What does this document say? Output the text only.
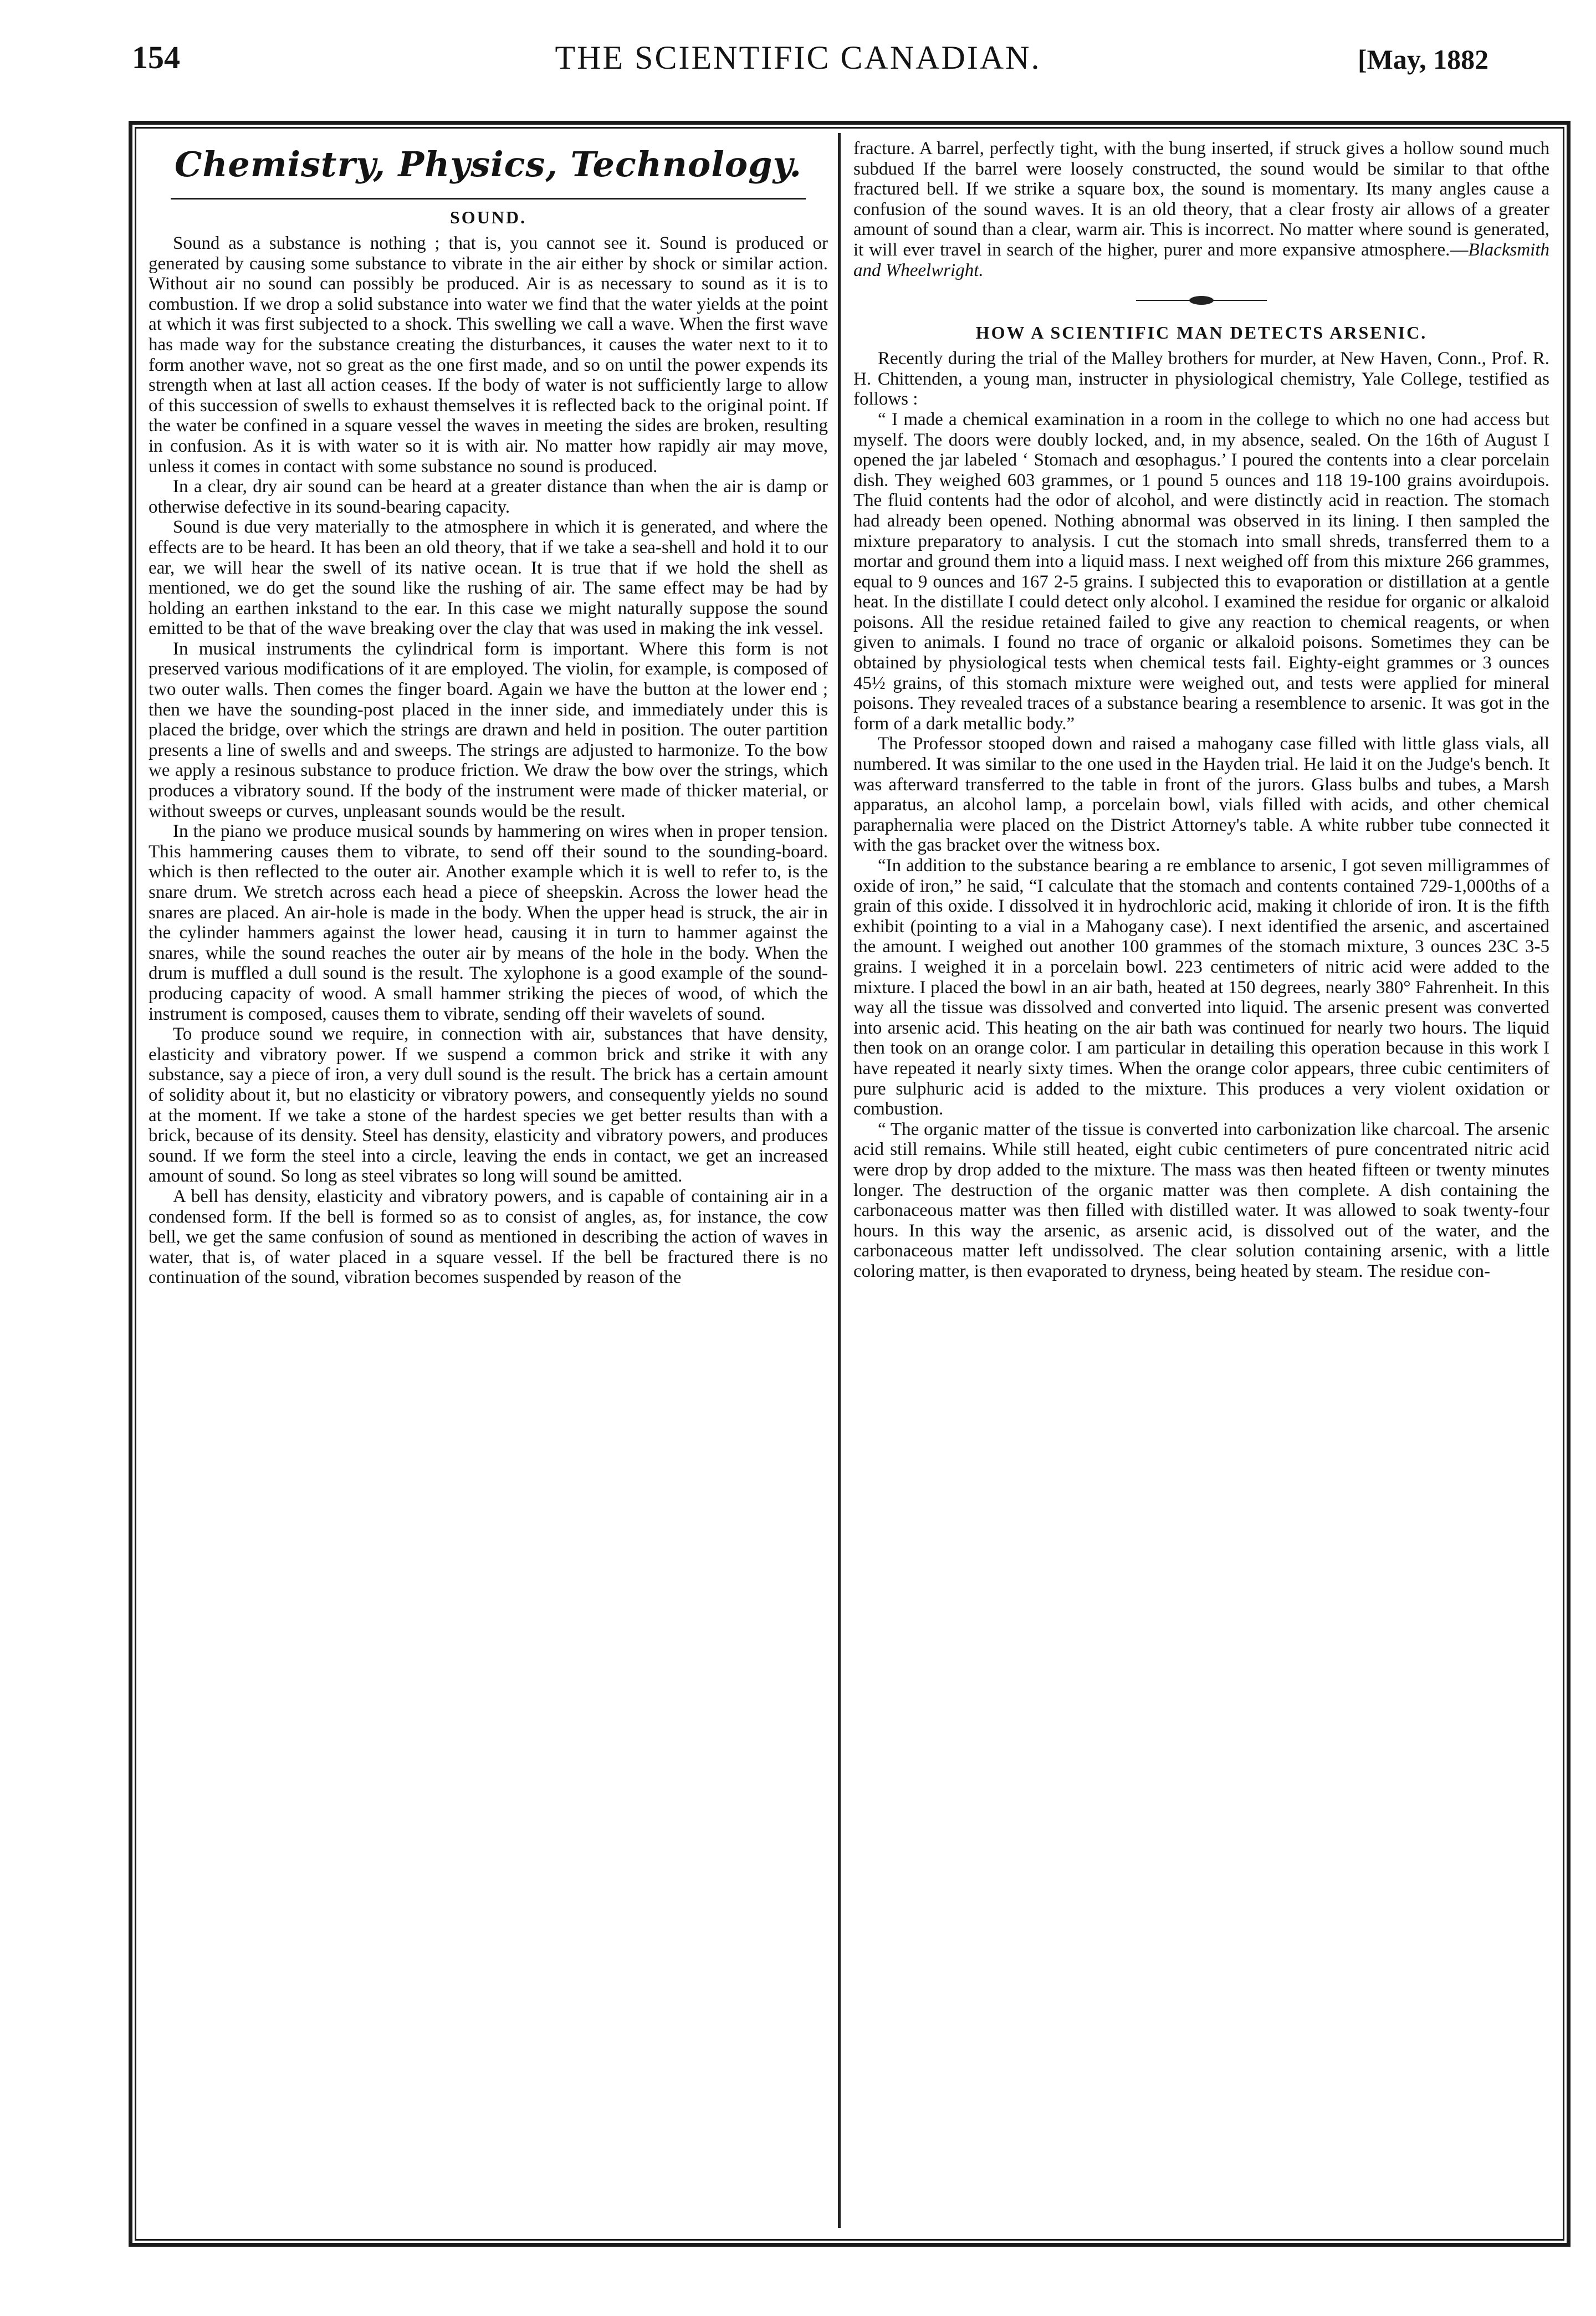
154	THE SCIENTIFIC CANADIAN.	[May, 1882
Chemistry, Physics, Technology.
SOUND.

Sound as a substance is nothing ; that is, you cannot see it. Sound is produced or generated by causing some substance to vibrate in the air either by shock or similar action. Without air no sound can possibly be produced. Air is as necessary to sound as it is to combustion. If we drop a solid substance into water we find that the water yields at the point at which it was first subjected to a shock. This swelling we call a wave. When the first wave has made way for the substance creating the disturbances, it causes the water next to it to form another wave, not so great as the one first made, and so on until the power expends its strength when at last all action ceases. If the body of water is not sufficiently large to allow of this succession of swells to exhaust themselves it is reflected back to the original point. If the water be confined in a square vessel the waves in meeting the sides are broken, resulting in confusion. As it is with water so it is with air. No matter how rapidly air may move, unless it comes in contact with some substance no sound is produced.

In a clear, dry air sound can be heard at a greater distance than when the air is damp or otherwise defective in its sound-bearing capacity.

Sound is due very materially to the atmosphere in which it is generated, and where the effects are to be heard. It has been an old theory, that if we take a sea-shell and hold it to our ear, we will hear the swell of its native ocean. It is true that if we hold the shell as mentioned, we do get the sound like the rushing of air. The same effect may be had by holding an earthen inkstand to the ear. In this case we might naturally suppose the sound emitted to be that of the wave breaking over the clay that was used in making the ink vessel.

In musical instruments the cylindrical form is important. Where this form is not preserved various modifications of it are employed. The violin, for example, is composed of two outer walls. Then comes the finger board. Again we have the button at the lower end ; then we have the sounding-post placed in the inner side, and immediately under this is placed the bridge, over which the strings are drawn and held in position. The outer partition presents a line of swells and and sweeps. The strings are adjusted to harmonize. To the bow we apply a resinous substance to produce friction. We draw the bow over the strings, which produces a vibratory sound. If the body of the instrument were made of thicker material, or without sweeps or curves, unpleasant sounds would be the result.

In the piano we produce musical sounds by hammering on wires when in proper tension. This hammering causes them to vibrate, to send off their sound to the sounding-board. which is then reflected to the outer air. Another example which it is well to refer to, is the snare drum. We stretch across each head a piece of sheepskin. Across the lower head the snares are placed. An air-hole is made in the body. When the upper head is struck, the air in the cylinder hammers against the lower head, causing it in turn to hammer against the snares, while the sound reaches the outer air by means of the hole in the body. When the drum is muffled a dull sound is the result. The xylophone is a good example of the sound-producing capacity of wood. A small hammer striking the pieces of wood, of which the instrument is composed, causes them to vibrate, sending off their wavelets of sound.

To produce sound we require, in connection with air, substances that have density, elasticity and vibratory power. If we suspend a common brick and strike it with any substance, say a piece of iron, a very dull sound is the result. The brick has a certain amount of solidity about it, but no elasticity or vibratory powers, and consequently yields no sound at the moment. If we take a stone of the hardest species we get better results than with a brick, because of its density. Steel has density, elasticity and vibratory powers, and produces sound. If we form the steel into a circle, leaving the ends in contact, we get an increased amount of sound. So long as steel vibrates so long will sound be amitted.

A bell has density, elasticity and vibratory powers, and is capable of containing air in a condensed form. If the bell is formed so as to consist of angles, as, for instance, the cow bell, we get the same confusion of sound as mentioned in describing the action of waves in water, that is, of water placed in a square vessel. If the bell be fractured there is no continuation of the sound, vibration becomes suspended by reason of the

fracture. A barrel, perfectly tight, with the bung inserted, if struck gives a hollow sound much subdued If the barrel were loosely constructed, the sound would be similar to that ofthe fractured bell. If we strike a square box, the sound is momentary. Its many angles cause a confusion of the sound waves. It is an old theory, that a clear frosty air allows of a greater amount of sound than a clear, warm air. This is incorrect. No matter where sound is generated, it will ever travel in search of the higher, purer and more expansive atmosphere.—Blacksmith and Wheelwright.

HOW A SCIENTIFIC MAN DETECTS ARSENIC.

Recently during the trial of the Malley brothers for murder, at New Haven, Conn., Prof. R. H. Chittenden, a young man, instructer in physiological chemistry, Yale College, testified as follows :

“ I made a chemical examination in a room in the college to which no one had access but myself. The doors were doubly locked, and, in my absence, sealed. On the 16th of August I opened the jar labeled ‘ Stomach and œsophagus.’ I poured the contents into a clear porcelain dish. They weighed 603 grammes, or 1 pound 5 ounces and 118 19-100 grains avoirdupois. The fluid contents had the odor of alcohol, and were distinctly acid in reaction. The stomach had already been opened. Nothing abnormal was observed in its lining. I then sampled the mixture preparatory to analysis. I cut the stomach into small shreds, transferred them to a mortar and ground them into a liquid mass. I next weighed off from this mixture 266 grammes, equal to 9 ounces and 167 2-5 grains. I subjected this to evaporation or distillation at a gentle heat. In the distillate I could detect only alcohol. I examined the residue for organic or alkaloid poisons. All the residue retained failed to give any reaction to chemical reagents, or when given to animals. I found no trace of organic or alkaloid poisons. Sometimes they can be obtained by physiological tests when chemical tests fail. Eighty-eight grammes or 3 ounces 45½ grains, of this stomach mixture were weighed out, and tests were applied for mineral poisons. They revealed traces of a substance bearing a resemblence to arsenic. It was got in the form of a dark metallic body.”

The Professor stooped down and raised a mahogany case filled with little glass vials, all numbered. It was similar to the one used in the Hayden trial. He laid it on the Judge's bench. It was afterward transferred to the table in front of the jurors. Glass bulbs and tubes, a Marsh apparatus, an alcohol lamp, a porcelain bowl, vials filled with acids, and other chemical paraphernalia were placed on the District Attorney's table. A white rubber tube connected it with the gas bracket over the witness box.

“In addition to the substance bearing a re emblance to arsenic, I got seven milligrammes of oxide of iron,” he said, “I calculate that the stomach and contents contained 729-1,000ths of a grain of this oxide. I dissolved it in hydrochloric acid, making it chloride of iron. It is the fifth exhibit (pointing to a vial in a Mahogany case). I next identified the arsenic, and ascertained the amount. I weighed out another 100 grammes of the stomach mixture, 3 ounces 23C 3-5 grains. I weighed it in a porcelain bowl. 223 centimeters of nitric acid were added to the mixture. I placed the bowl in an air bath, heated at 150 degrees, nearly 380° Fahrenheit. In this way all the tissue was dissolved and converted into liquid. The arsenic present was converted into arsenic acid. This heating on the air bath was continued for nearly two hours. The liquid then took on an orange color. I am particular in detailing this operation because in this work I have repeated it nearly sixty times. When the orange color appears, three cubic centimiters of pure sulphuric acid is added to the mixture. This produces a very violent oxidation or combustion.

“ The organic matter of the tissue is converted into carbonization like charcoal. The arsenic acid still remains. While still heated, eight cubic centimeters of pure concentrated nitric acid were drop by drop added to the mixture. The mass was then heated fifteen or twenty minutes longer. The destruction of the organic matter was then complete. A dish containing the carbonaceous matter was then filled with distilled water. It was allowed to soak twenty-four hours. In this way the arsenic, as arsenic acid, is dissolved out of the water, and the carbonaceous matter left undissolved. The clear solution containing arsenic, with a little coloring matter, is then evaporated to dryness, being heated by steam. The residue con-
